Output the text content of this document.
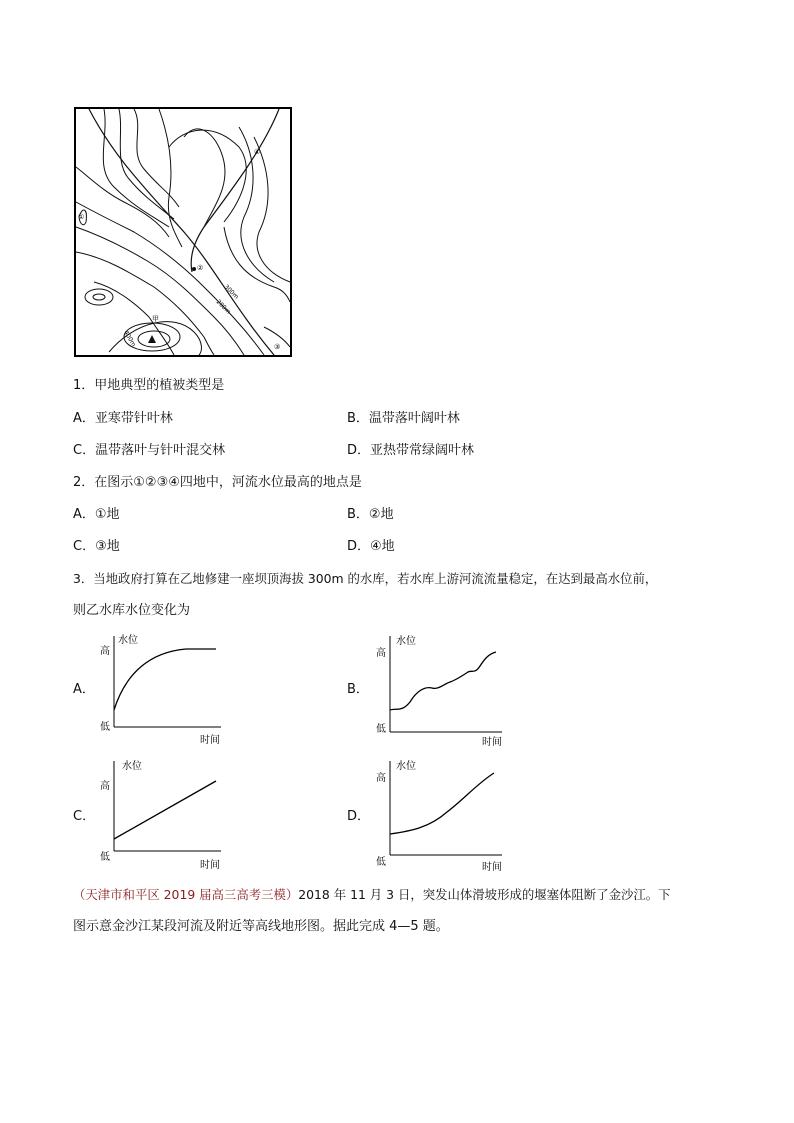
④
①
②
③
300m
200m
400m
甲
1．甲地典型的植被类型是
A．亚寒带针叶林	B．温带落叶阔叶林
C．温带落叶与针叶混交林	D．亚热带常绿阔叶林
2．在图示①②③④四地中，河流水位最高的地点是
A．①地	B．②地
C．③地	D．④地
3．当地政府打算在乙地修建一座坝顶海拔 300m 的水库，若水库上游河流流量稳定，在达到最高水位前，
则乙水库水位变化为
A．
高
低
水位
时间
B．
高
低
水位
时间
C．
高
低
水位
时间
D．
高
低
水位
时间
（天津市和平区 2019 届高三高考三模）2018 年 11 月 3 日，突发山体滑坡形成的堰塞体阻断了金沙江。下
图示意金沙江某段河流及附近等高线地形图。据此完成 4—5 题。
